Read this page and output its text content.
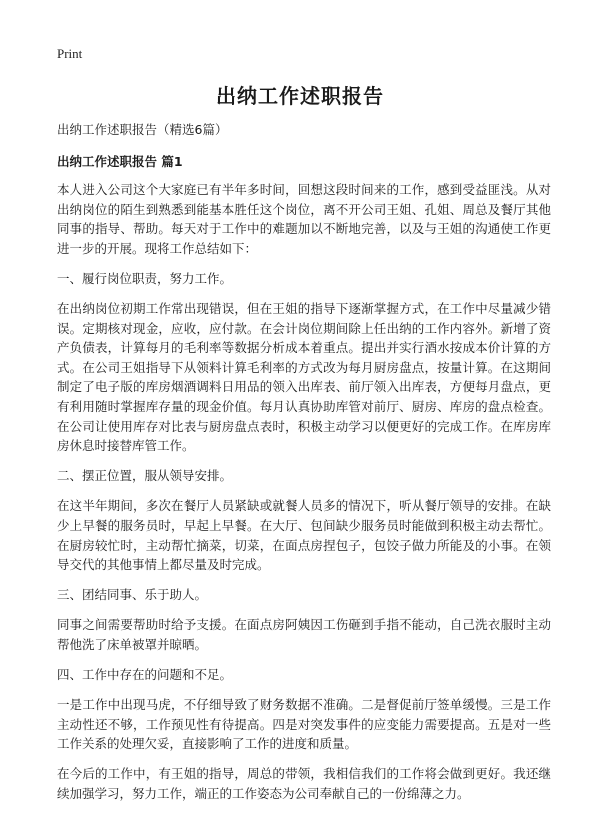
Print
出纳工作述职报告
出纳工作述职报告（精选6篇）
出纳工作述职报告 篇1

本人进入公司这个大家庭已有半年多时间，回想这段时间来的工作，感到受益匪浅。从对出纳岗位的陌生到熟悉到能基本胜任这个岗位，离不开公司王姐、孔姐、周总及餐厅其他同事的指导、帮助。每天对于工作中的难题加以不断地完善，以及与王姐的沟通使工作更进一步的开展。现将工作总结如下：

一、履行岗位职责，努力工作。

在出纳岗位初期工作常出现错误，但在王姐的指导下逐渐掌握方式，在工作中尽量减少错误。定期核对现金，应收，应付款。在会计岗位期间除上任出纳的工作内容外。新增了资产负债表，计算每月的毛利率等数据分析成本着重点。提出并实行酒水按成本价计算的方式。在公司王姐指导下从领料计算毛利率的方式改为每月厨房盘点，按量计算。在这期间制定了电子版的库房烟酒调料日用品的领入出库表、前厅领入出库表，方便每月盘点，更有利用随时掌握库存量的现金价值。每月认真协助库管对前厅、厨房、库房的盘点检查。在公司让使用库存对比表与厨房盘点表时，积极主动学习以便更好的完成工作。在库房库房休息时接替库管工作。

二、摆正位置，服从领导安排。

在这半年期间，多次在餐厅人员紧缺或就餐人员多的情况下，听从餐厅领导的安排。在缺少上早餐的服务员时，早起上早餐。在大厅、包间缺少服务员时能做到积极主动去帮忙。在厨房较忙时，主动帮忙摘菜，切菜，在面点房捏包子，包饺子做力所能及的小事。在领导交代的其他事情上都尽量及时完成。

三、团结同事、乐于助人。

同事之间需要帮助时给予支援。在面点房阿姨因工伤砸到手指不能动，自己洗衣服时主动帮他洗了床单被罩并晾晒。

四、工作中存在的问题和不足。

一是工作中出现马虎，不仔细导致了财务数据不准确。二是督促前厅签单缓慢。三是工作主动性还不够，工作预见性有待提高。四是对突发事件的应变能力需要提高。五是对一些工作关系的处理欠妥，直接影响了工作的进度和质量。

在今后的工作中，有王姐的指导，周总的带领，我相信我们的工作将会做到更好。我还继续加强学习，努力工作，端正的工作姿态为公司奉献自己的一份绵薄之力。
